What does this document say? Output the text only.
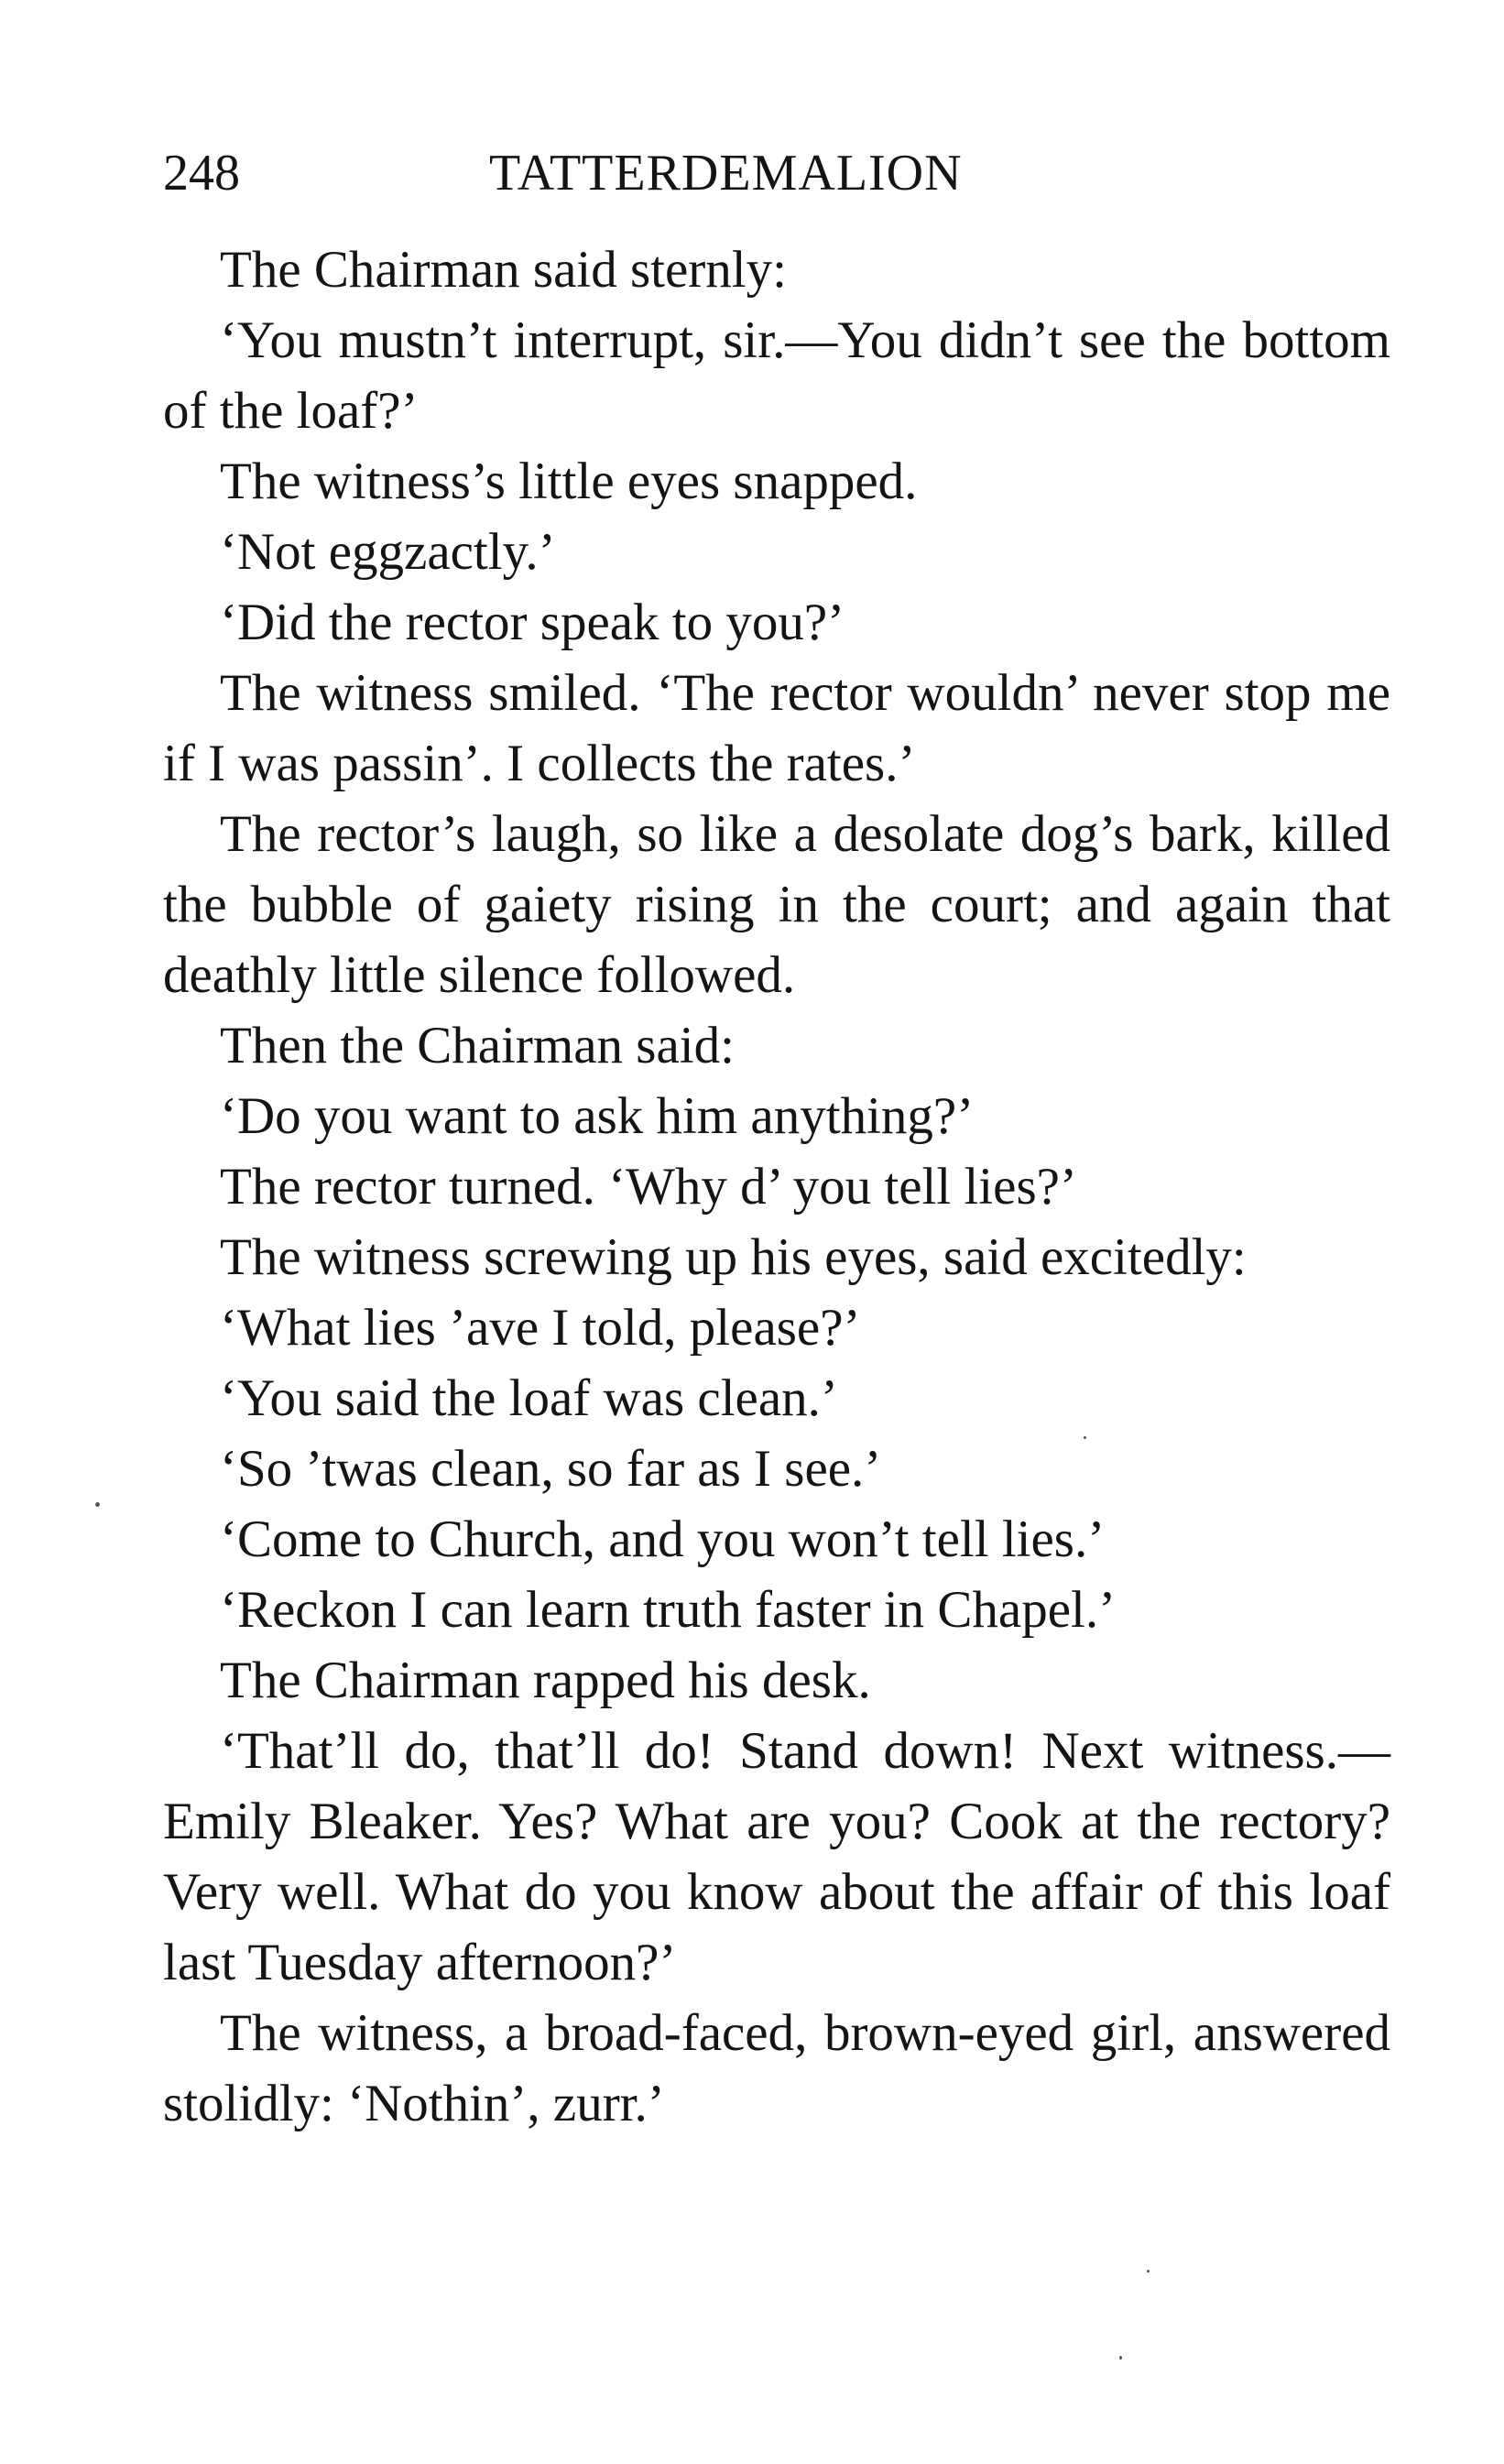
248	TATTERDEMALION

The Chairman said sternly:

‘You mustn’t interrupt, sir.—You didn’t see the bottom of the loaf?’

The witness’s little eyes snapped.

‘Not eggzactly.’

‘Did the rector speak to you?’

The witness smiled. ‘The rector wouldn’ never stop me if I was passin’. I collects the rates.’

The rector’s laugh, so like a desolate dog’s bark, killed the bubble of gaiety rising in the court; and again that deathly little silence followed.

Then the Chairman said:

‘Do you want to ask him anything?’

The rector turned. ‘Why d’ you tell lies?’

The witness screwing up his eyes, said excitedly:

‘What lies ’ave I told, please?’

‘You said the loaf was clean.’

‘So ’twas clean, so far as I see.’

‘Come to Church, and you won’t tell lies.’

‘Reckon I can learn truth faster in Chapel.’

The Chairman rapped his desk.

‘That’ll do, that’ll do! Stand down! Next witness.—Emily Bleaker. Yes? What are you? Cook at the rectory? Very well. What do you know about the affair of this loaf last Tuesday afternoon?’

The witness, a broad-faced, brown-eyed girl, answered stolidly: ‘Nothin’, zurr.’
